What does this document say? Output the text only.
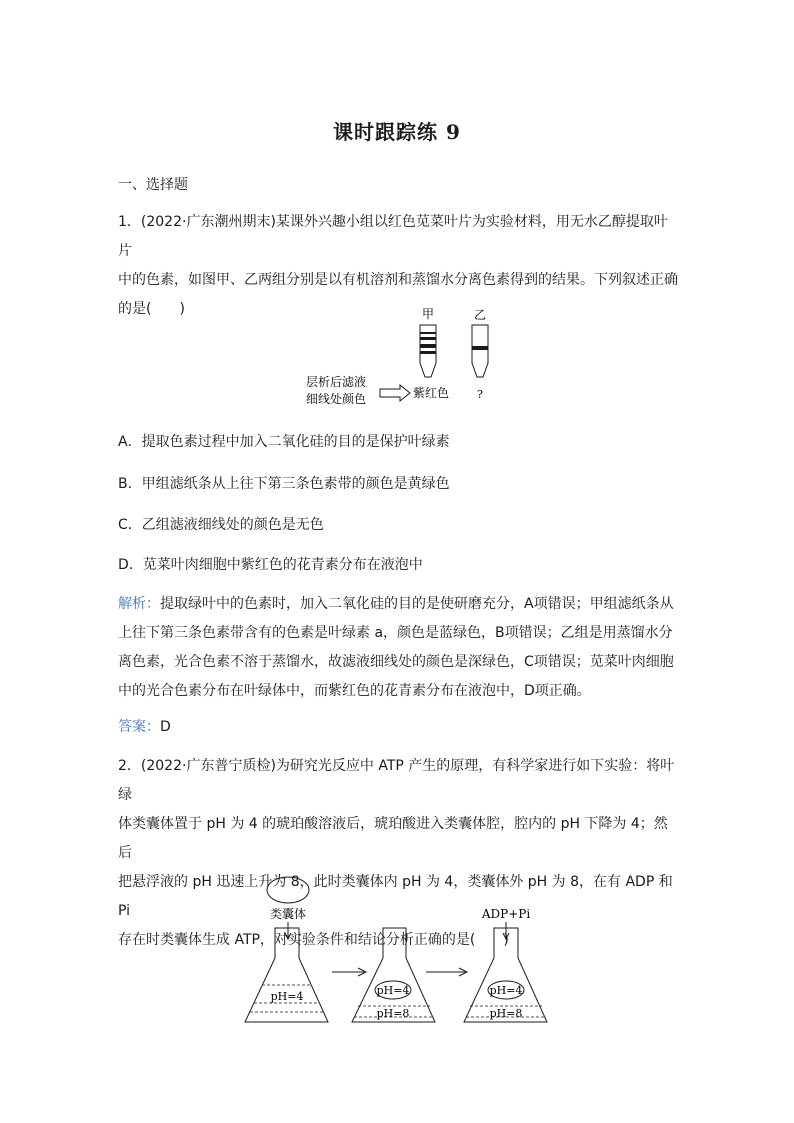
课时跟踪练 9
一、选择题
1．(2022·广东潮州期末)某课外兴趣小组以红色苋菜叶片为实验材料，用无水乙醇提取叶片
中的色素，如图甲、乙两组分别是以有机溶剂和蒸馏水分离色素得到的结果。下列叙述正确
的是(　　)	甲	乙
层析后滤液
细线处颜色	紫红色	?
A．提取色素过程中加入二氧化硅的目的是保护叶绿素
B．甲组滤纸条从上往下第三条色素带的颜色是黄绿色
C．乙组滤液细线处的颜色是无色
D．苋菜叶肉细胞中紫红色的花青素分布在液泡中
解析：提取绿叶中的色素时，加入二氧化硅的目的是使研磨充分，A项错误；甲组滤纸条从
上往下第三条色素带含有的色素是叶绿素 a，颜色是蓝绿色，B项错误；乙组是用蒸馏水分
离色素，光合色素不溶于蒸馏水，故滤液细线处的颜色是深绿色，C项错误；苋菜叶肉细胞
中的光合色素分布在叶绿体中，而紫红色的花青素分布在液泡中，D项正确。
答案：D
2．(2022·广东普宁质检)为研究光反应中 ATP 产生的原理，有科学家进行如下实验：将叶绿
体类囊体置于 pH 为 4 的琥珀酸溶液后，琥珀酸进入类囊体腔，腔内的 pH 下降为 4；然后
把悬浮液的 pH 迅速上升为 8，此时类囊体内 pH 为 4，类囊体外 pH 为 8，在有 ADP 和 Pi
存在时类囊体生成 ATP，对实验条件和结论分析正确的是(　　)
类囊体
pH=4	pH=4
pH=8
ADP+Pi
pH=4
pH=8
